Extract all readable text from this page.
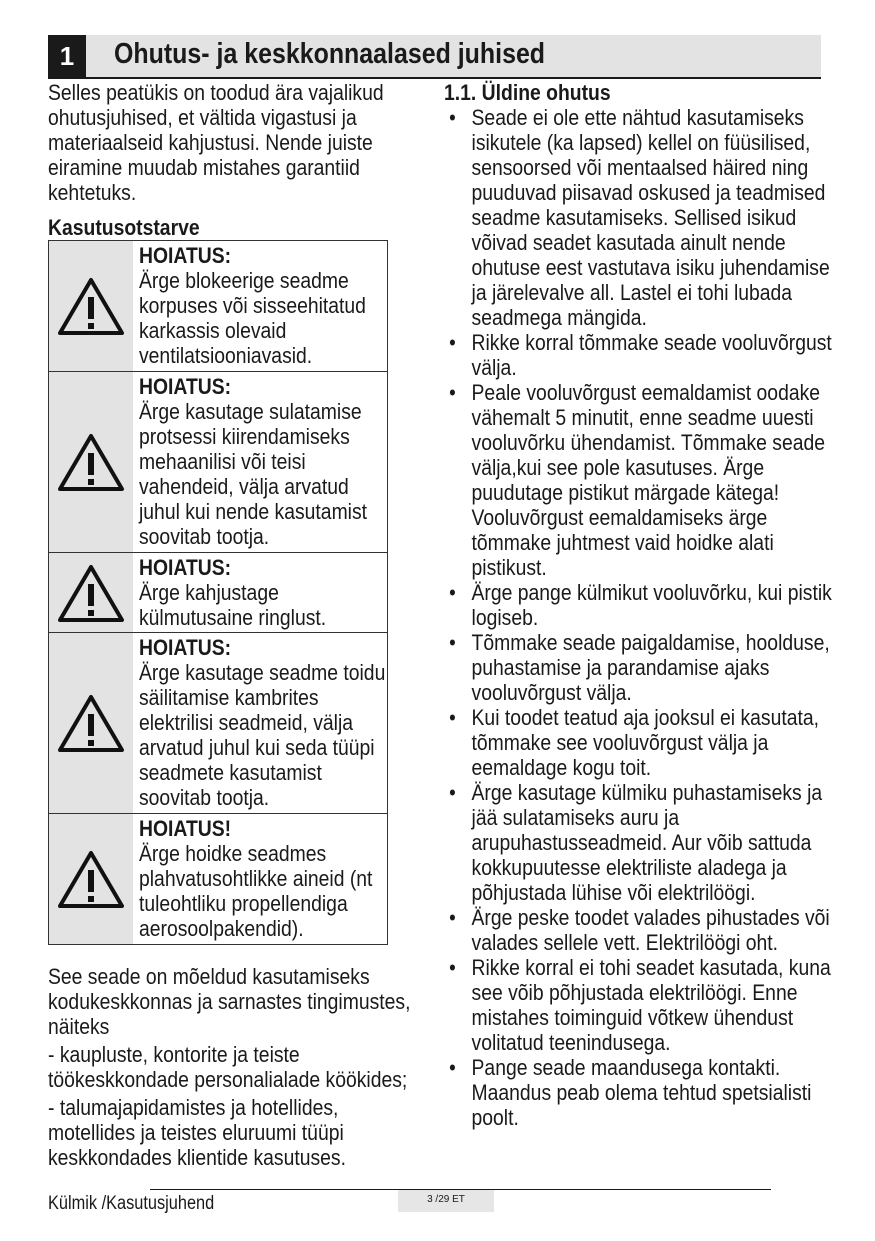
1	Ohutus- ja keskkonnaalased juhised

Selles peatükis on toodud ära vajalikud ohutusjuhised, et vältida vigastusi ja materiaalseid kahjustusi. Nende juiste eiramine muudab mistahes garantiid kehtetuks.

Kasutusotstarve

HOIATUS:
Ärge blokeerige seadme korpuses või sisseehitatud karkassis olevaid ventilatsiooniavasid.
HOIATUS:
Ärge kasutage sulatamise protsessi kiirendamiseks mehaanilisi või teisi vahendeid, välja arvatud juhul kui nende kasutamist soovitab tootja.
HOIATUS:
Ärge kahjustage külmutusaine ringlust.
HOIATUS:
Ärge kasutage seadme toidu säilitamise kambrites elektrilisi seadmeid, välja arvatud juhul kui seda tüüpi seadmete kasutamist soovitab tootja.
HOIATUS!
Ärge hoidke seadmes plahvatusohtlikke aineid (nt tuleohtliku propellendiga aerosoolpakendid).

See seade on mõeldud kasutamiseks kodukeskkonnas ja sarnastes tingimustes, näiteks

- kaupluste, kontorite ja teiste töökeskkondade personalialade köökides;

- talumajapidamistes ja hotellides, motellides ja teistes eluruumi tüüpi keskkondades klientide kasutuses.

1.1. Üldine ohutus

• Seade ei ole ette nähtud kasutamiseks isikutele (ka lapsed) kellel on füüsilised, sensoorsed või mentaalsed häired ning puuduvad piisavad oskused ja teadmised seadme kasutamiseks. Sellised isikud võivad seadet kasutada ainult nende ohutuse eest vastutava isiku juhendamise ja järelevalve all. Lastel ei tohi lubada seadmega mängida.
• Rikke korral tõmmake seade vooluvõrgust välja.
• Peale vooluvõrgust eemaldamist oodake vähemalt 5 minutit, enne seadme uuesti vooluvõrku ühendamist. Tõmmake seade välja,kui see pole kasutuses. Ärge puudutage pistikut märgade kätega! Vooluvõrgust eemaldamiseks ärge tõmmake juhtmest vaid hoidke alati pistikust.
• Ärge pange külmikut vooluvõrku, kui pistik logiseb.
• Tõmmake seade paigaldamise, hoolduse, puhastamise ja parandamise ajaks vooluvõrgust välja.
• Kui toodet teatud aja jooksul ei kasutata, tõmmake see vooluvõrgust välja ja eemaldage kogu toit.
• Ärge kasutage külmiku puhastamiseks ja jää sulatamiseks auru ja arupuhastusseadmeid. Aur võib sattuda kokkupuutesse elektriliste aladega ja põhjustada lühise või elektrilöögi.
• Ärge peske toodet valades pihustades või valades sellele vett. Elektrilöögi oht.
• Rikke korral ei tohi seadet kasutada, kuna see võib põhjustada elektrilöögi. Enne mistahes toiminguid võtkew ühendust volitatud teenindusega.
• Pange seade maandusega kontakti. Maandus peab olema tehtud spetsialisti poolt.
Külmik /Kasutusjuhend	3 /29 ET
